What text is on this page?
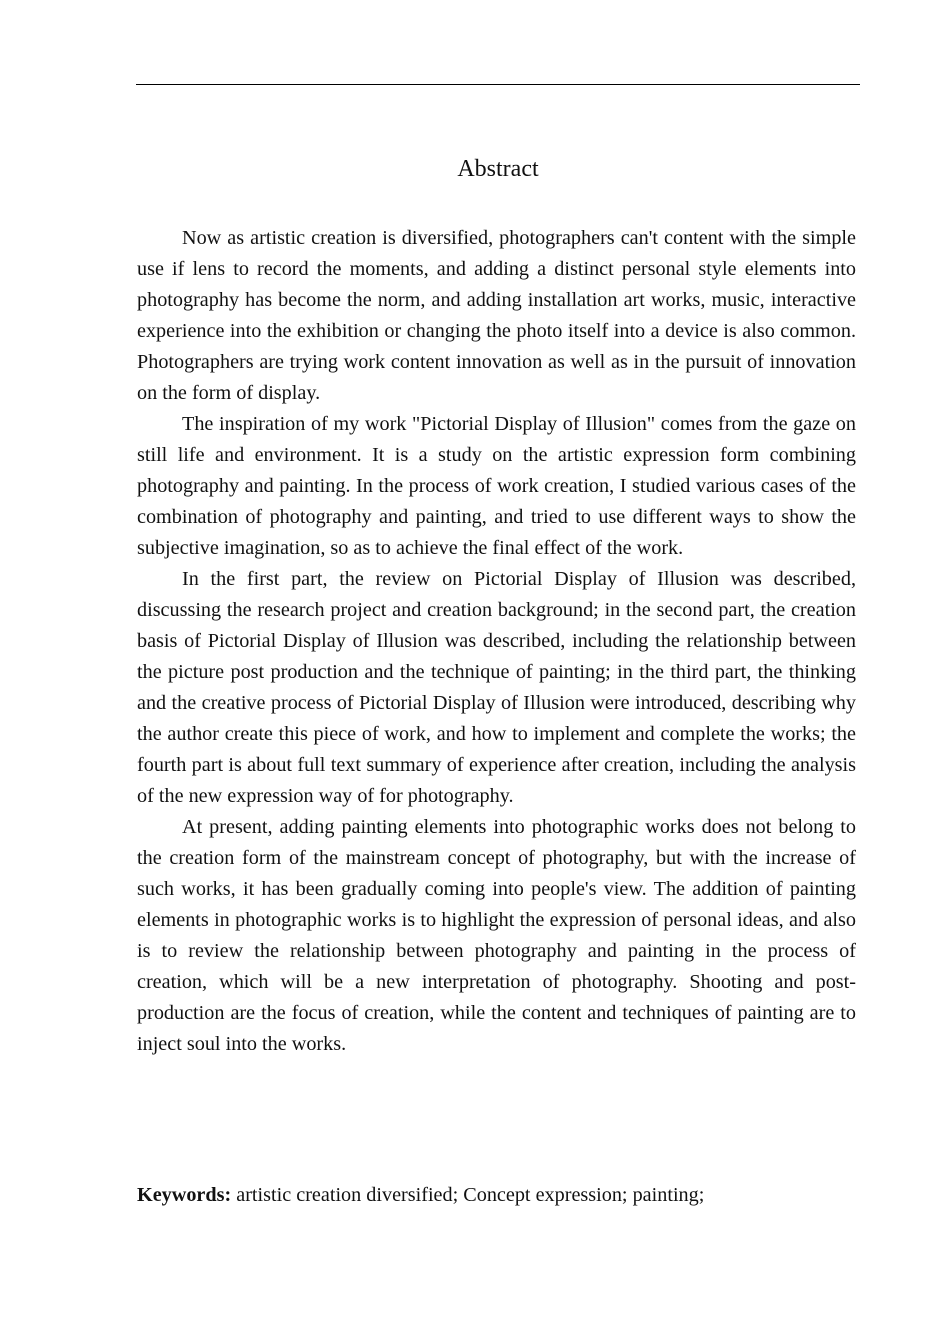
Abstract

Now as artistic creation is diversified, photographers can't content with the simple use if lens to record the moments, and adding a distinct personal style elements into photography has become the norm, and adding installation art works, music, interactive experience into the exhibition or changing the photo itself into a device is also common. Photographers are trying work content innovation as well as in the pursuit of innovation on the form of display.

The inspiration of my work "Pictorial Display of Illusion" comes from the gaze on still life and environment. It is a study on the artistic expression form combining photography and painting. In the process of work creation, I studied various cases of the combination of photography and painting, and tried to use different ways to show the subjective imagination, so as to achieve the final effect of the work.

In the first part, the review on Pictorial Display of Illusion was described, discussing the research project and creation background; in the second part, the creation basis of Pictorial Display of Illusion was described, including the relationship between the picture post production and the technique of painting; in the third part, the thinking and the creative process of Pictorial Display of Illusion were introduced, describing why the author create this piece of work, and how to implement and complete the works; the fourth part is about full text summary of experience after creation, including the analysis of the new expression way of for photography.

At present, adding painting elements into photographic works does not belong to the creation form of the mainstream concept of photography, but with the increase of such works, it has been gradually coming into people's view. The addition of painting elements in photographic works is to highlight the expression of personal ideas, and also is to review the relationship between photography and painting in the process of creation, which will be a new interpretation of photography. Shooting and post-production are the focus of creation, while the content and techniques of painting are to inject soul into the works.

Keywords: artistic creation diversified; Concept expression; painting;
